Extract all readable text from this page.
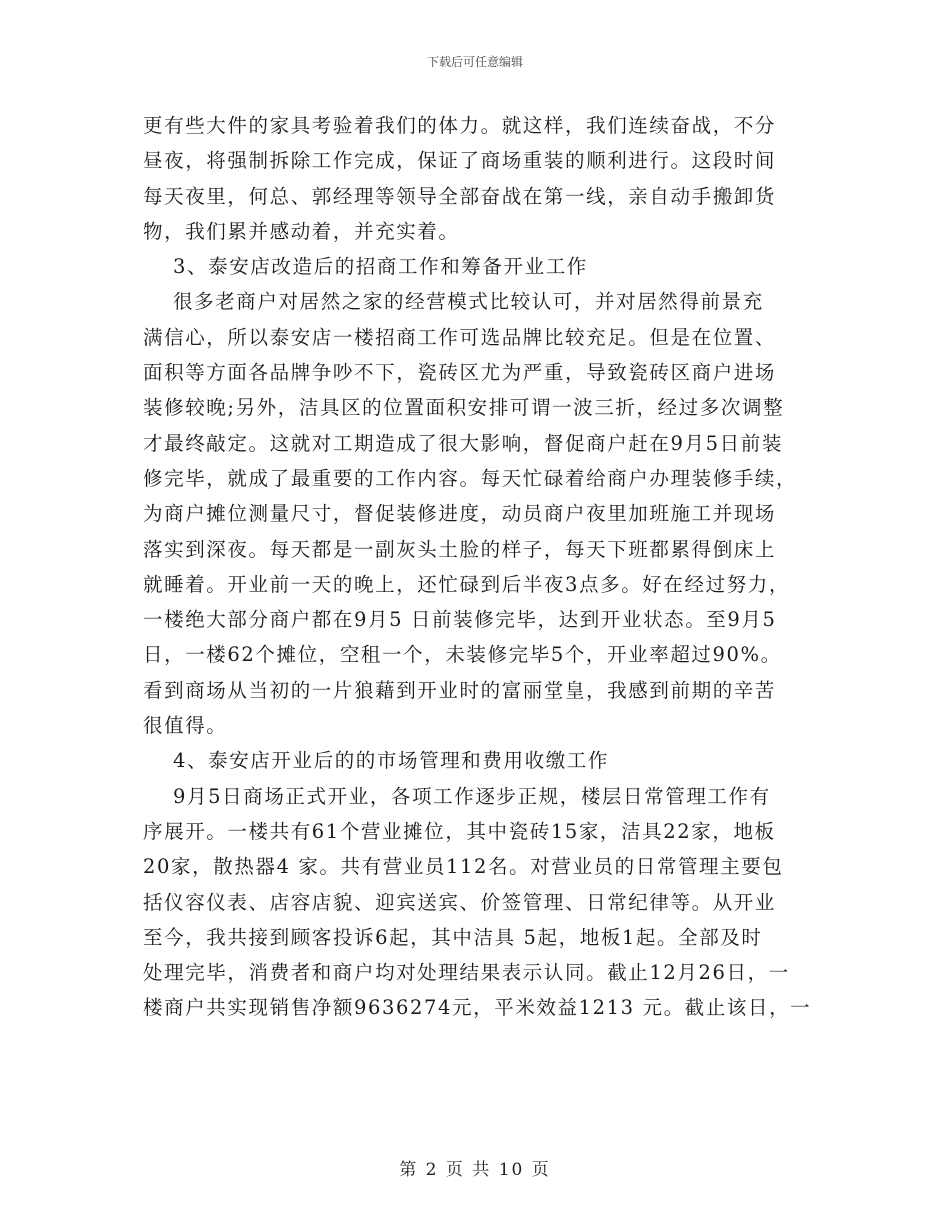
下载后可任意编辑
更有些大件的家具考验着我们的体力。就这样，我们连续奋战，不分
昼夜，将强制拆除工作完成，保证了商场重装的顺利进行。这段时间
每天夜里，何总、郭经理等领导全部奋战在第一线，亲自动手搬卸货
物，我们累并感动着，并充实着。
3、泰安店改造后的招商工作和筹备开业工作
很多老商户对居然之家的经营模式比较认可，并对居然得前景充
满信心，所以泰安店一楼招商工作可选品牌比较充足。但是在位置、
面积等方面各品牌争吵不下，瓷砖区尤为严重，导致瓷砖区商户进场
装修较晚;另外，洁具区的位置面积安排可谓一波三折，经过多次调整
才最终敲定。这就对工期造成了很大影响，督促商户赶在9月5日前装
修完毕，就成了最重要的工作内容。每天忙碌着给商户办理装修手续，
为商户摊位测量尺寸，督促装修进度，动员商户夜里加班施工并现场
落实到深夜。每天都是一副灰头土脸的样子，每天下班都累得倒床上
就睡着。开业前一天的晚上，还忙碌到后半夜3点多。好在经过努力，
一楼绝大部分商户都在9月5 日前装修完毕，达到开业状态。至9月5
日，一楼62个摊位，空租一个，未装修完毕5个，开业率超过90%。
看到商场从当初的一片狼藉到开业时的富丽堂皇，我感到前期的辛苦
很值得。
4、泰安店开业后的的市场管理和费用收缴工作
9月5日商场正式开业，各项工作逐步正规，楼层日常管理工作有
序展开。一楼共有61个营业摊位，其中瓷砖15家，洁具22家，地板
20家，散热器4 家。共有营业员112名。对营业员的日常管理主要包
括仪容仪表、店容店貌、迎宾送宾、价签管理、日常纪律等。从开业
至今，我共接到顾客投诉6起，其中洁具 5起，地板1起。全部及时
处理完毕，消费者和商户均对处理结果表示认同。截止12月26日，一
楼商户共实现销售净额9636274元，平米效益1213 元。截止该日，一
第 2 页 共 10 页
